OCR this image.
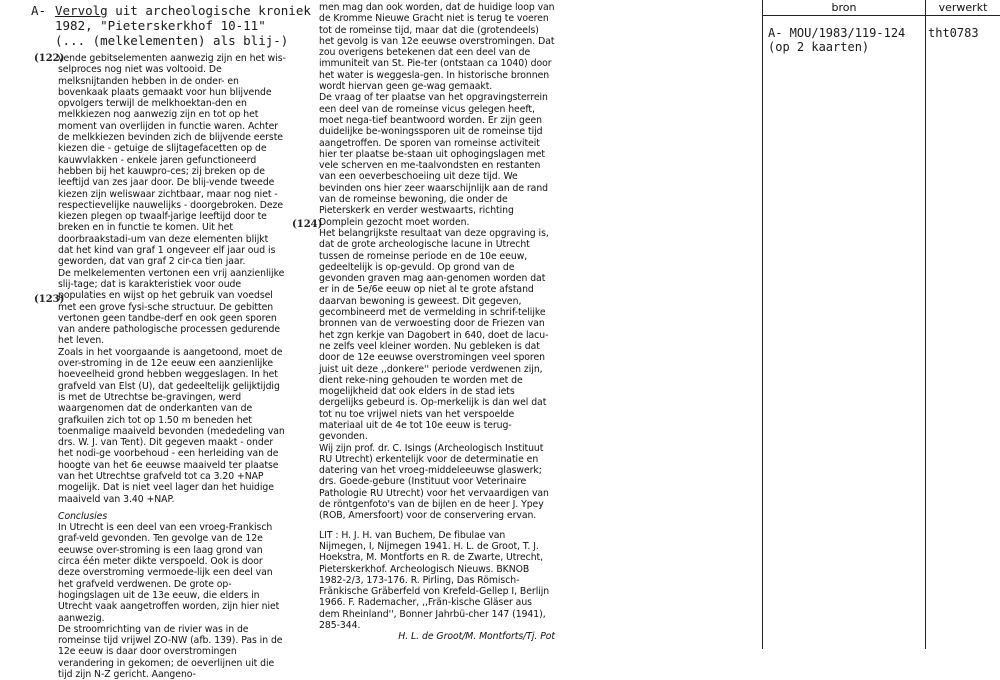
A- Vervolg uit archeologische kroniek
1982, "Pieterskerkhof 10-11"
(... (melkelementen) als blij-)
(122)
(123)
(124)

vende gebitselementen aanwezig zijn en het wis-selproces nog niet was voltooid. De melksnijtanden hebben in de onder- en bovenkaak plaats gemaakt voor hun blijvende opvolgers terwijl de melkhoektan-den en melkkiezen nog aanwezig zijn en tot op het moment van overlijden in functie waren. Achter de melkkiezen bevinden zich de blijvende eerste kiezen die - getuige de slijtagefacetten op de kauwvlakken - enkele jaren gefunctioneerd hebben bij het kauwpro-ces; zij breken op de leeftijd van zes jaar door. De blij-vende tweede kiezen zijn weliswaar zichtbaar, maar nog niet - respectievelijke nauwelijks - doorgebroken. Deze kiezen plegen op twaalf-jarige leeftijd door te breken en in functie te komen. Uit het doorbraakstadi-um van deze elementen blijkt dat het kind van graf 1 ongeveer elf jaar oud is geworden, dat van graf 2 cir-ca tien jaar.

De melkelementen vertonen een vrij aanzienlijke slij-tage; dat is karakteristiek voor oude populaties en wijst op het gebruik van voedsel met een grove fysi-sche structuur. De gebitten vertonen geen tandbe-derf en ook geen sporen van andere pathologische processen gedurende het leven.

Zoals in het voorgaande is aangetoond, moet de over-stroming in de 12e eeuw een aanzienlijke hoeveelheid grond hebben weggeslagen. In het grafveld van Elst (U), dat gedeeltelijk gelijktijdig is met de Utrechtse be-gravingen, werd waargenomen dat de onderkanten van de grafkuilen zich tot op 1.50 m beneden het toenmalige maaiveld bevonden (mededeling van drs. W. J. van Tent). Dit gegeven maakt - onder het nodi-ge voorbehoud - een herleiding van de hoogte van het 6e eeuwse maaiveld ter plaatse van het Utrechtse grafveld tot ca 3.20 +NAP mogelijk. Dat is niet veel lager dan het huidige maaiveld van 3.40 +NAP.

Conclusies

In Utrecht is een deel van een vroeg-Frankisch graf-veld gevonden. Ten gevolge van de 12e eeuwse over-stroming is een laag grond van circa één meter dikte verspoeld. Ook is door deze overstroming vermoede-lijk een deel van het grafveld verdwenen. De grote op-hogingslagen uit de 13e eeuw, die elders in Utrecht vaak aangetroffen worden, zijn hier niet aanwezig.

De stroomrichting van de rivier was in de romeinse tijd vrijwel ZO-NW (afb. 139). Pas in de 12e eeuw is daar door overstromingen verandering in gekomen; de oeverlijnen uit die tijd zijn N-Z gericht. Aangeno-

men mag dan ook worden, dat de huidige loop van de Kromme Nieuwe Gracht niet is terug te voeren tot de romeinse tijd, maar dat die (grotendeels) het gevolg is van 12e eeuwse overstromingen. Dat zou overigens betekenen dat een deel van de immuniteit van St. Pie-ter (ontstaan ca 1040) door het water is weggesla-gen. In historische bronnen wordt hiervan geen ge-wag gemaakt.

De vraag of ter plaatse van het opgravingsterrein een deel van de romeinse vicus gelegen heeft, moet nega-tief beantwoord worden. Er zijn geen duidelijke be-woningssporen uit de romeinse tijd aangetroffen. De sporen van romeinse activiteit hier ter plaatse be-staan uit ophogingslagen met vele scherven en me-taalvondsten en restanten van een oeverbeschoeiing uit deze tijd. We bevinden ons hier zeer waarschijnlijk aan de rand van de romeinse bewoning, die onder de Pieterskerk en verder westwaarts, richting Domplein gezocht moet worden.

Het belangrijkste resultaat van deze opgraving is, dat de grote archeologische lacune in Utrecht tussen de romeinse periode en de 10e eeuw, gedeeltelijk is op-gevuld. Op grond van de gevonden graven mag aan-genomen worden dat er in de 5e/6e eeuw op niet al te grote afstand daarvan bewoning is geweest. Dit gegeven, gecombineerd met de vermelding in schrif-telijke bronnen van de verwoesting door de Friezen van het zgn kerkje van Dagobert in 640, doet de lacu-ne zelfs veel kleiner worden. Nu gebleken is dat door de 12e eeuwse overstromingen veel sporen juist uit deze ,,donkere'' periode verdwenen zijn, dient reke-ning gehouden te worden met de mogelijkheid dat ook elders in de stad iets dergelijks gebeurd is. Op-merkelijk is dan wel dat tot nu toe vrijwel niets van het verspoelde materiaal uit de 4e tot 10e eeuw is terug-gevonden.

Wij zijn prof. dr. C. Isings (Archeologisch Instituut RU Utrecht) erkentelijk voor de determinatie en datering van het vroeg-middeleeuwse glaswerk; drs. Goede-gebure (Instituut voor Veterinaire Pathologie RU Utrecht) voor het vervaardigen van de röntgenfoto's van de bijlen en de heer J. Ypey (ROB, Amersfoort) voor de conservering ervan.

LIT : H. J. H. van Buchem, De fibulae van Nijmegen, I, Nijmegen 1941. H. L. de Groot, T. J. Hoekstra, M. Montforts en R. de Zwarte, Utrecht, Pieterskerkhof. Archeologisch Nieuws. BKNOB 1982-2/3, 173-176. R. Pirling, Das Römisch-Fränkische Gräberfeld von Krefeld-Gellep I, Berlijn 1966. F. Rademacher, ,,Frän-kische Gläser aus dem Rheinland'', Bonner Jahrbü-cher 147 (1941), 285-344.

H. L. de Groot/M. Montforts/Tj. Pot

bron	verwerkt
A- MOU/1983/119-124
(op 2 kaarten)
tht0783
